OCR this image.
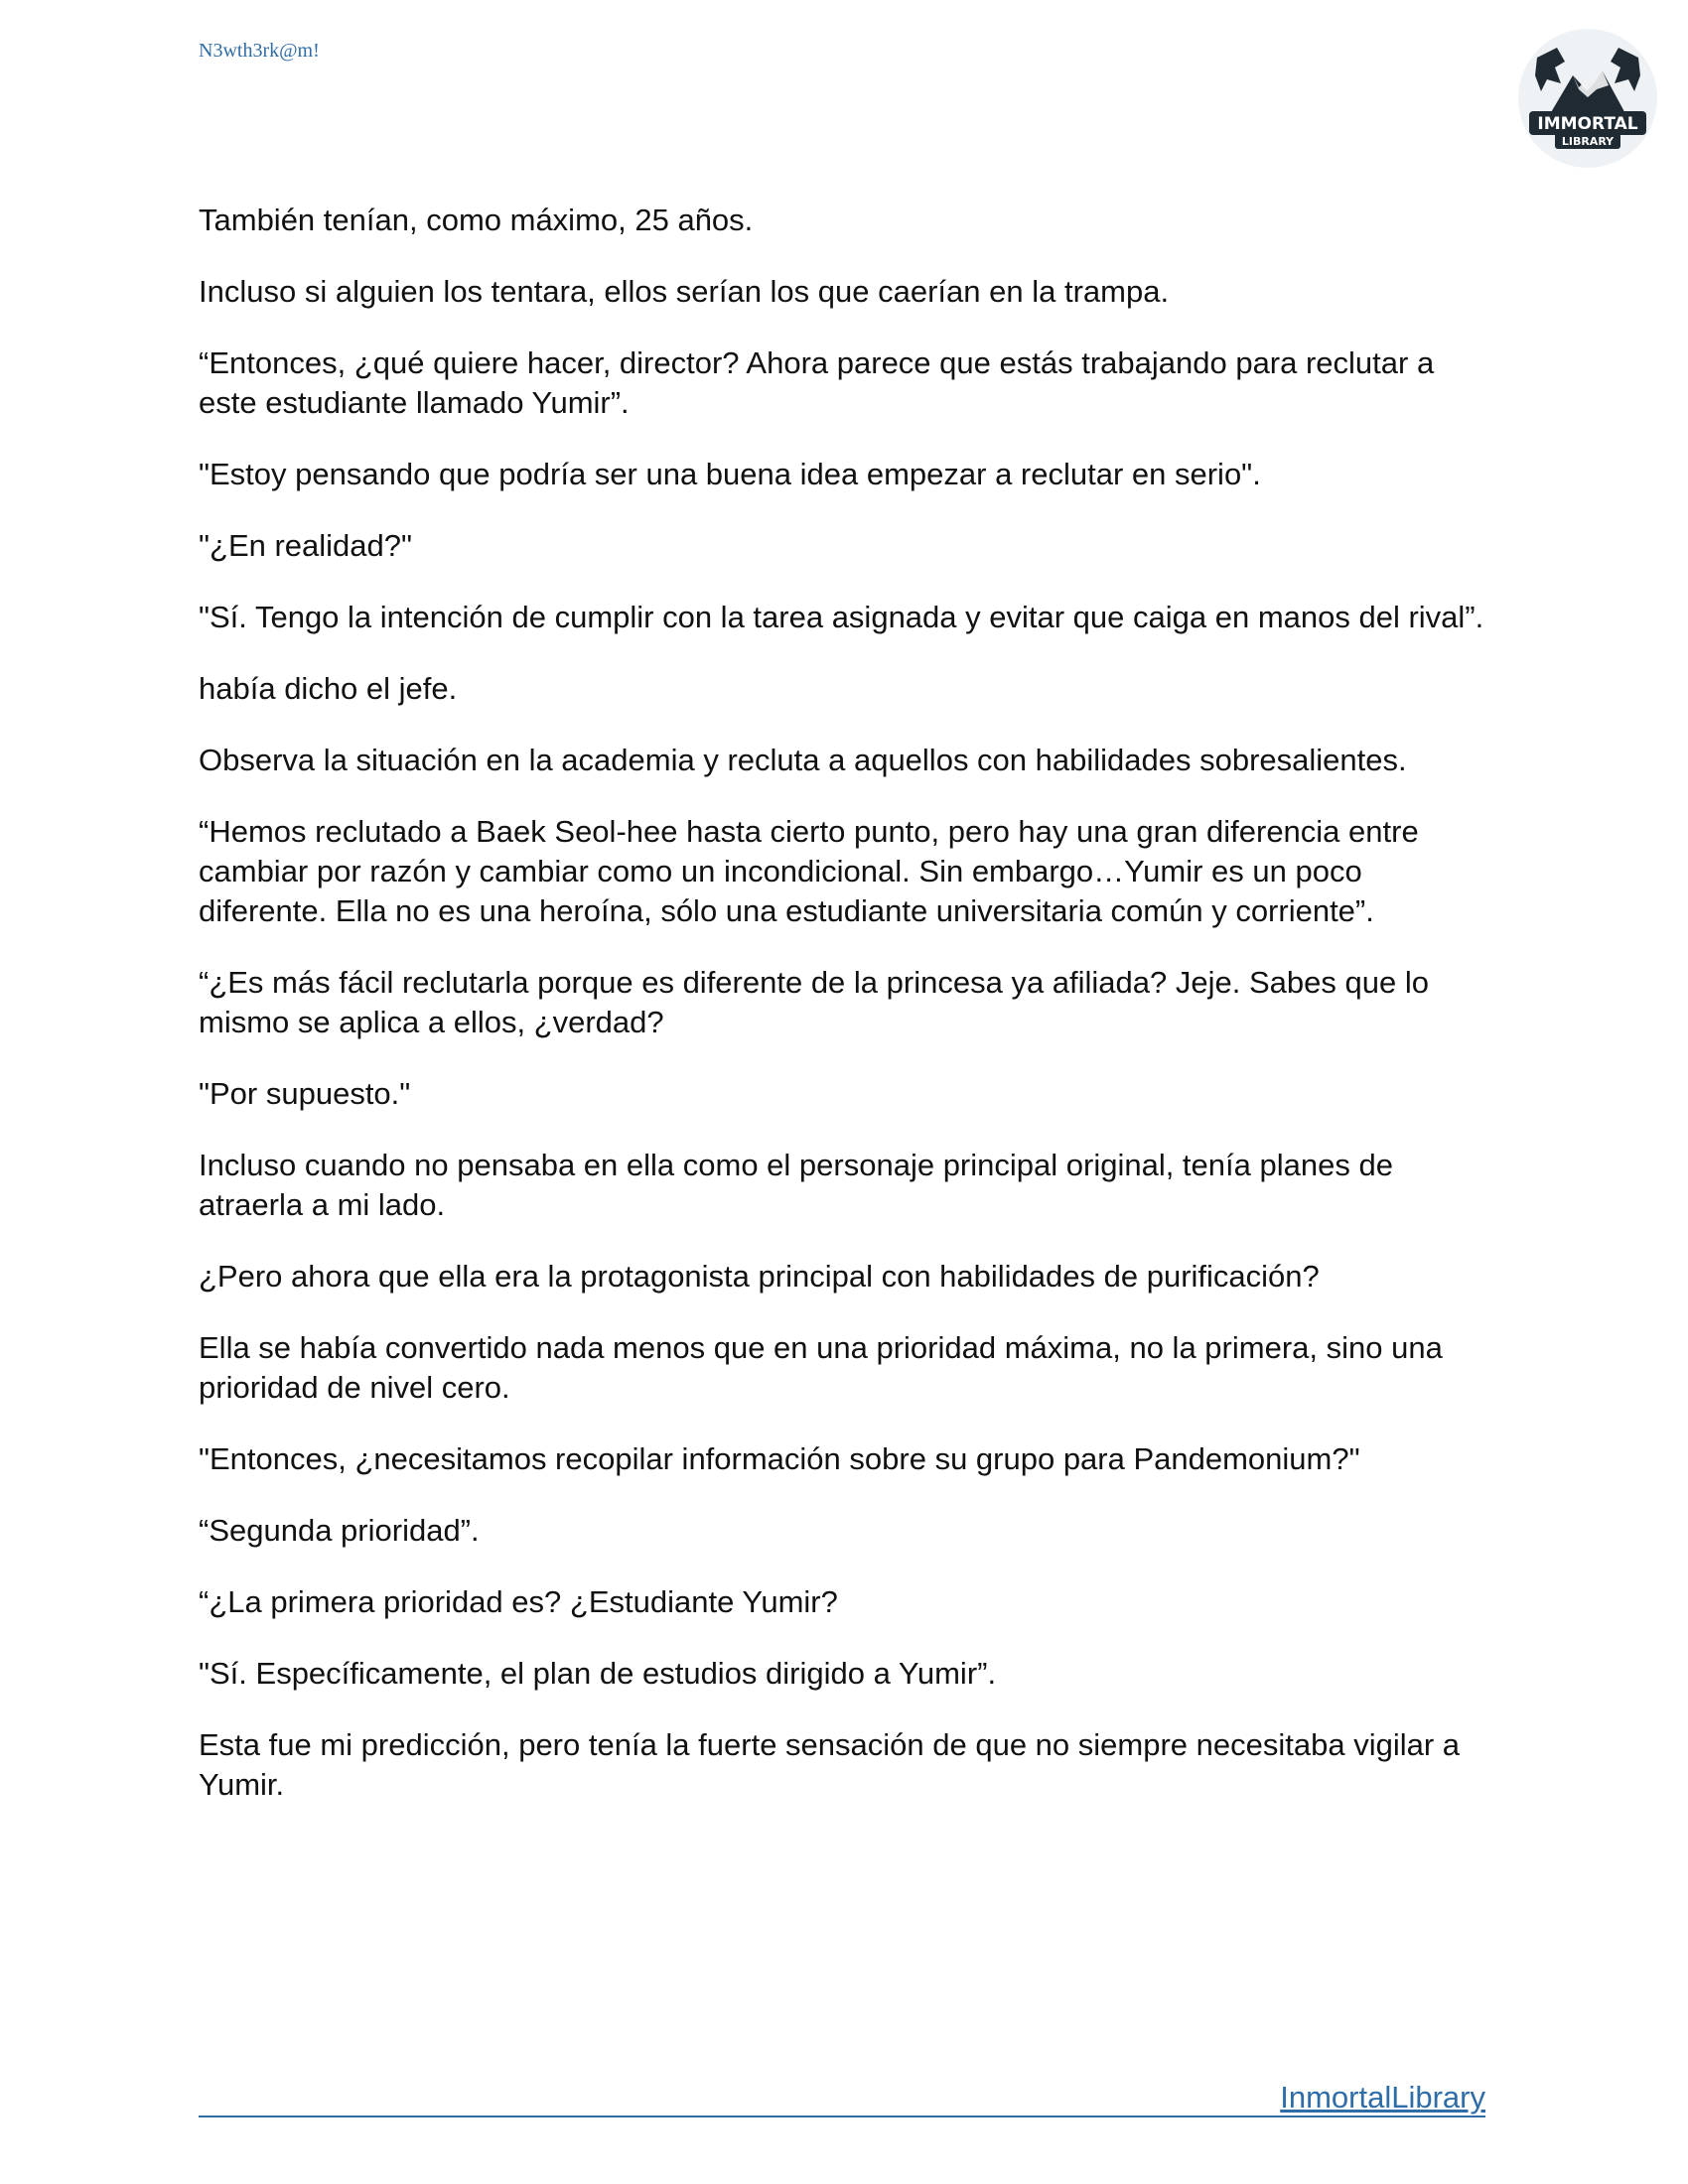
N3wth3rk@m!
IMMORTAL
LIBRARY

También tenían, como máximo, 25 años.

Incluso si alguien los tentara, ellos serían los que caerían en la trampa.

“Entonces, ¿qué quiere hacer, director? Ahora parece que estás trabajando para reclutar a este estudiante llamado Yumir”.

"Estoy pensando que podría ser una buena idea empezar a reclutar en serio".

"¿En realidad?"

"Sí. Tengo la intención de cumplir con la tarea asignada y evitar que caiga en manos del rival”.

había dicho el jefe.

Observa la situación en la academia y recluta a aquellos con habilidades sobresalientes.

“Hemos reclutado a Baek Seol-hee hasta cierto punto, pero hay una gran diferencia entre cambiar por razón y cambiar como un incondicional. Sin embargo…Yumir es un poco diferente. Ella no es una heroína, sólo una estudiante universitaria común y corriente”.

“¿Es más fácil reclutarla porque es diferente de la princesa ya afiliada? Jeje. Sabes que lo mismo se aplica a ellos, ¿verdad?

"Por supuesto."

Incluso cuando no pensaba en ella como el personaje principal original, tenía planes de atraerla a mi lado.

¿Pero ahora que ella era la protagonista principal con habilidades de purificación?

Ella se había convertido nada menos que en una prioridad máxima, no la primera, sino una prioridad de nivel cero.

"Entonces, ¿necesitamos recopilar información sobre su grupo para Pandemonium?"

“Segunda prioridad”.

“¿La primera prioridad es? ¿Estudiante Yumir?

"Sí. Específicamente, el plan de estudios dirigido a Yumir”.

Esta fue mi predicción, pero tenía la fuerte sensación de que no siempre necesitaba vigilar a Yumir.

InmortalLibrary
